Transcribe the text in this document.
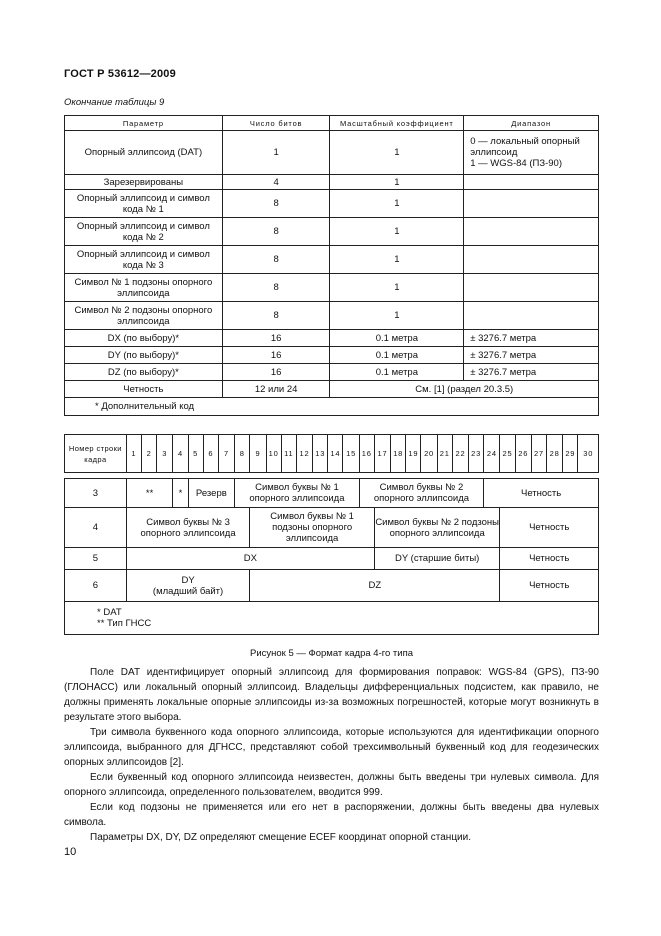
ГОСТ Р 53612—2009
Окончание таблицы 9
Параметр	Число битов	Масштабный коэффициент	Диапазон
Опорный эллипсоид (DAT)	1	1	0 — локальный опорный эллипсоид
1 — WGS-84 (ПЗ-90)
Зарезервированы	4	1	
Опорный эллипсоид и символ кода № 1	8	1	
Опорный эллипсоид и символ кода № 2	8	1	
Опорный эллипсоид и символ кода № 3	8	1	
Символ № 1 подзоны опорного эллипсоида	8	1	
Символ № 2 подзоны опорного эллипсоида	8	1	
DX (по выбору)*	16	0.1 метра	± 3276.7 метра
DY (по выбору)*	16	0.1 метра	± 3276.7 метра
DZ (по выбору)*	16	0.1 метра	± 3276.7 метра
Четность	12 или 24	См. [1] (раздел 20.3.5)	
* Дополнительный код			
Номер строки кадра	1	2	3	4	5	6	7	8	9	10	11	12	13	14	15	16	17	18	19	20	21	22	23	24	25	26	27	28	29	30

3	**			*	Резерв			Символ буквы № 1 опорного эллипсоида								Символ буквы № 2 опорного эллипсоида								Четность						
4	Символ буквы № 3 опорного эллипсоида								Символ буквы № 1 подзоны опорного эллипсоида								Символ буквы № 2 подзоны опорного эллипсоида								Четность					
5	DX																DY (старшие биты)								Четность					
6	DY
(младший байт)								DZ																Четность					

* DAT
** Тип ГНСС																														
Рисунок 5 — Формат кадра 4-го типа

Поле DAT идентифицирует опорный эллипсоид для формирования поправок: WGS-84 (GPS), ПЗ-90 (ГЛОНАСС) или локальный опорный эллипсоид. Владельцы дифференциальных подсистем, как правило, не должны применять локальные опорные эллипсоиды из-за возможных погрешностей, которые могут возникнуть в результате этого выбора.

Три символа буквенного кода опорного эллипсоида, которые используются для идентификации опорного эллипсоида, выбранного для ДГНСС, представляют собой трехсимвольный буквенный код для геодезических опорных эллипсоидов [2].

Если буквенный код опорного эллипсоида неизвестен, должны быть введены три нулевых символа. Для опорного эллипсоида, определенного пользователем, вводится 999.

Если код подзоны не применяется или его нет в распоряжении, должны быть введены два нулевых символа.

Параметры DX, DY, DZ определяют смещение ECEF координат опорной станции.

10
